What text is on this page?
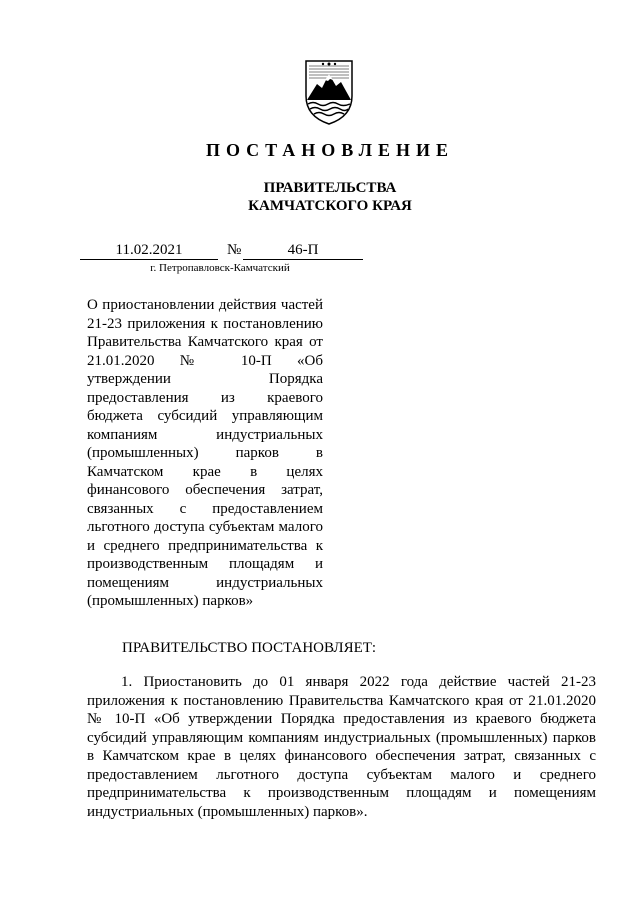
ПОСТАНОВЛЕНИЕ
ПРАВИТЕЛЬСТВА
КАМЧАТСКОГО КРАЯ
11.02.2021	№	46-П
г. Петропавловск-Камчатский
О приостановлении действия частей 21-23 приложения к постановлению Правительства Камчатского края от 21.01.2020 № 10-П «Об утверждении Порядка предоставления из краевого бюджета субсидий управляющим компаниям индустриальных (промышленных) парков в Камчатском крае в целях финансового обеспечения затрат, связанных с предоставлением льготного доступа субъектам малого и среднего предпринимательства к производственным площадям и помещениям индустриальных (промышленных) парков»
ПРАВИТЕЛЬСТВО ПОСТАНОВЛЯЕТ:
1. Приостановить до 01 января 2022 года действие частей 21-23 приложения к постановлению Правительства Камчатского края от 21.01.2020 № 10-П «Об утверждении Порядка предоставления из краевого бюджета субсидий управляющим компаниям индустриальных (промышленных) парков в Камчатском крае в целях финансового обеспечения затрат, связанных с предоставлением льготного доступа субъектам малого и среднего предпринимательства к производственным площадям и помещениям индустриальных (промышленных) парков».
